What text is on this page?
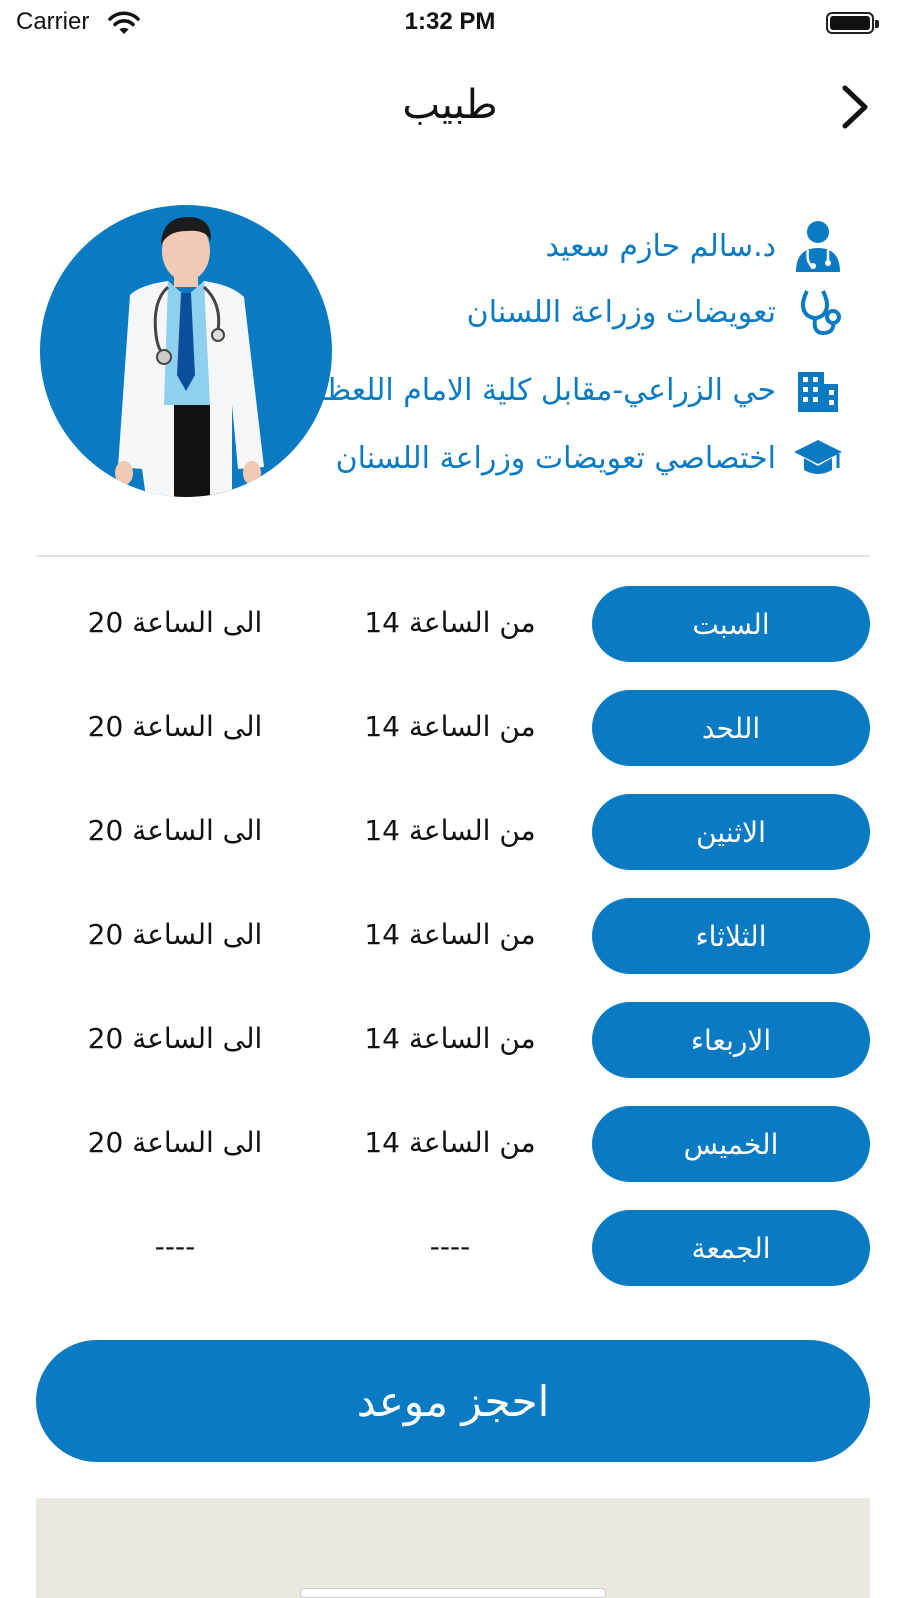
Carrier	1:32 PM
طبيب
د.سالم حازم سعيد
تعويضات وزراعة اللسنان
حي الزراعي-مقابل كلية الامام اللعظم
اختصاصي تعويضات وزراعة اللسنان
السبت
من الساعة 14
الى الساعة 20
اللحد
من الساعة 14
الى الساعة 20
الاثنين
من الساعة 14
الى الساعة 20
الثلاثاء
من الساعة 14
الى الساعة 20
الاربعاء
من الساعة 14
الى الساعة 20
الخميس
من الساعة 14
الى الساعة 20
الجمعة
----
----
احجز موعد
